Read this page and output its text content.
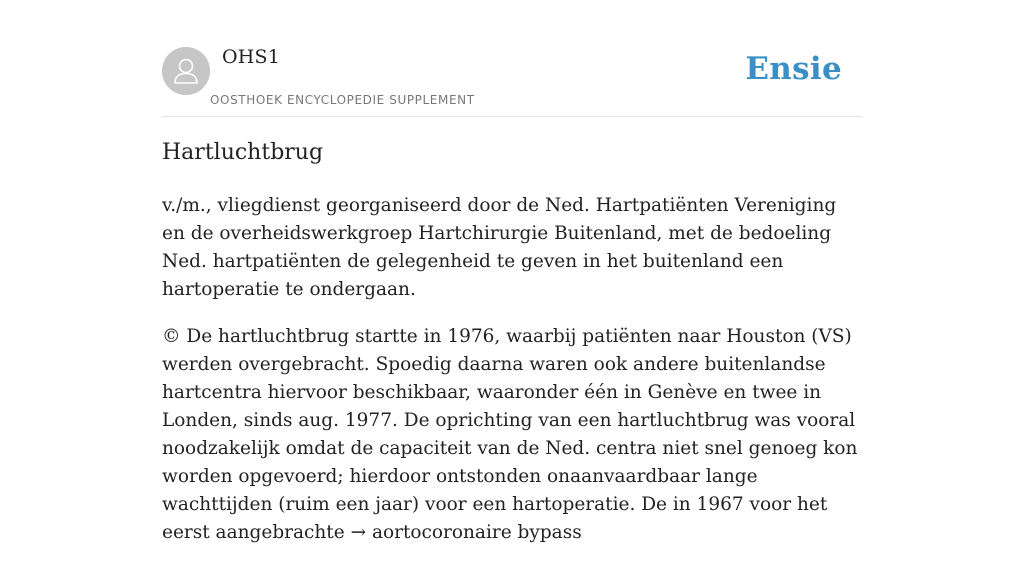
OHS1
OOSTHOEK ENCYCLOPEDIE SUPPLEMENT
Ensie
Hartluchtbrug

v./m., vliegdienst georganiseerd door de Ned. Hartpatiënten Vereniging en de overheidswerkgroep Hartchirurgie Buitenland, met de bedoeling Ned. hartpatiënten de gelegenheid te geven in het buitenland een hartoperatie te ondergaan.

© De hartluchtbrug startte in 1976, waarbij patiënten naar Houston (VS) werden overgebracht. Spoedig daarna waren ook andere buitenlandse hartcentra hiervoor beschikbaar, waaronder één in Genève en twee in Londen, sinds aug. 1977. De oprichting van een hartluchtbrug was vooral noodzakelijk omdat de capaciteit van de Ned. centra niet snel genoeg kon worden opgevoerd; hierdoor ontstonden onaanvaardbaar lange wachttijden (ruim een jaar) voor een hartoperatie. De in 1967 voor het eerst aangebrachte → aortocoronaire bypass
